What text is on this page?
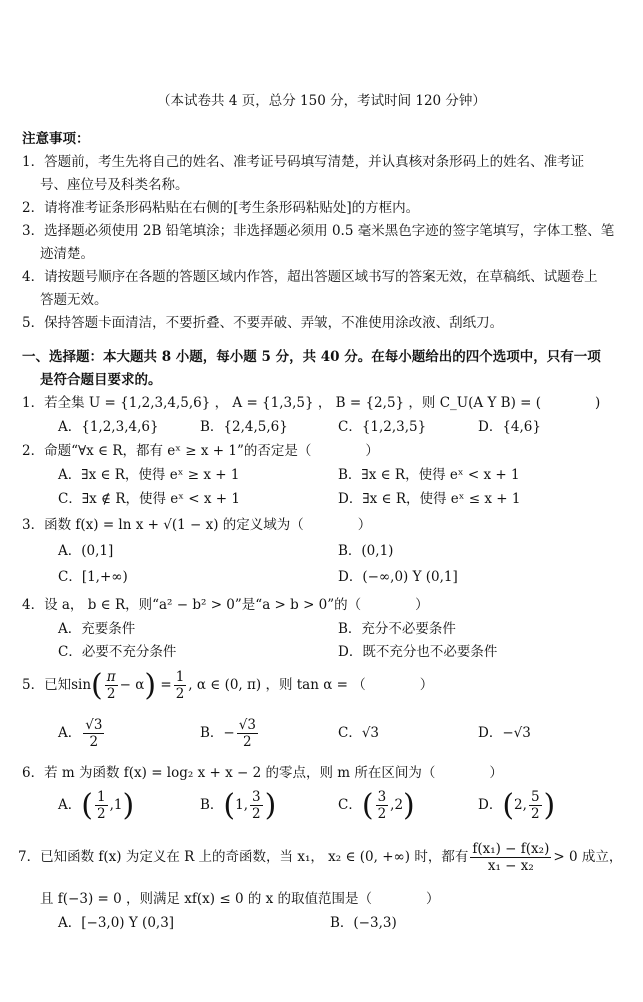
（本试卷共 4 页，总分 150 分，考试时间 120 分钟）
注意事项：
1．答题前，考生先将自己的姓名、准考证号码填写清楚，并认真核对条形码上的姓名、准考证
号、座位号及科类名称。
2．请将准考证条形码粘贴在右侧的[考生条形码粘贴处]的方框内。
3．选择题必须使用 2B 铅笔填涂；非选择题必须用 0.5 毫米黑色字迹的签字笔填写，字体工整、笔
迹清楚。
4．请按题号顺序在各题的答题区域内作答，超出答题区域书写的答案无效，在草稿纸、试题卷上
答题无效。
5．保持答题卡面清洁，不要折叠、不要弄破、弄皱，不准使用涂改液、刮纸刀。
一、选择题：本大题共 8 小题，每小题 5 分，共 40 分。在每小题给出的四个选项中，只有一项
是符合题目要求的。
1．若全集 U = {1,2,3,4,5,6} ， A = {1,3,5} ， B = {2,5} ，则 C_U(A Y B) = (　　　　)
A．{1,2,3,4,6}	B．{2,4,5,6}	C．{1,2,3,5}	D．{4,6}
2．命题“∀x ∈ R，都有 eˣ ≥ x + 1”的否定是（　　　　）
A．∃x ∈ R，使得 eˣ ≥ x + 1	B．∃x ∈ R，使得 eˣ < x + 1
C．∃x ∉ R，使得 eˣ < x + 1	D．∃x ∈ R，使得 eˣ ≤ x + 1
3．函数 f(x) = ln x + √(1 − x) 的定义域为（　　　　）
A．(0,1]	B．(0,1)
C．[1,+∞)	D．(−∞,0) Y (0,1]
4．设 a， b ∈ R，则“a² − b² > 0”是“a > b > 0”的（　　　　）
A．充要条件	B．充分不必要条件
C．必要不充分条件	D．既不充分也不必要条件
5．已知$\sin( \frac{\pi}{2} - \alpha) = \frac{1}{2}$ , α ∈ (0, π) ，则 tan α = （　　　　）
A． $\frac{√3}{2}$	B．− $\frac{√3}{2}$	C．√3	D．−√3
6．若 m 为函数 f(x) = log₂ x + x − 2 的零点，则 m 所在区间为（　　　　）
A．( $\frac{1}{2} ,1$)	B．(1, $\frac{3}{2}$ )	C．( $\frac{3}{2} ,2$)	D．(2, $\frac{5}{2}$ )
7．已知函数 f(x) 为定义在 R 上的奇函数，当 x₁， x₂ ∈ (0, +∞) 时，都有 $\frac{\text{f(x₁) − f(x₂)}}{\text{x₁ − x₂}} > 0$ 成立，
且 f(−3) = 0 ，则满足 xf(x) ≤ 0 的 x 的取值范围是（　　　　）
A．[−3,0) Y (0,3]	B．(−3,3)
